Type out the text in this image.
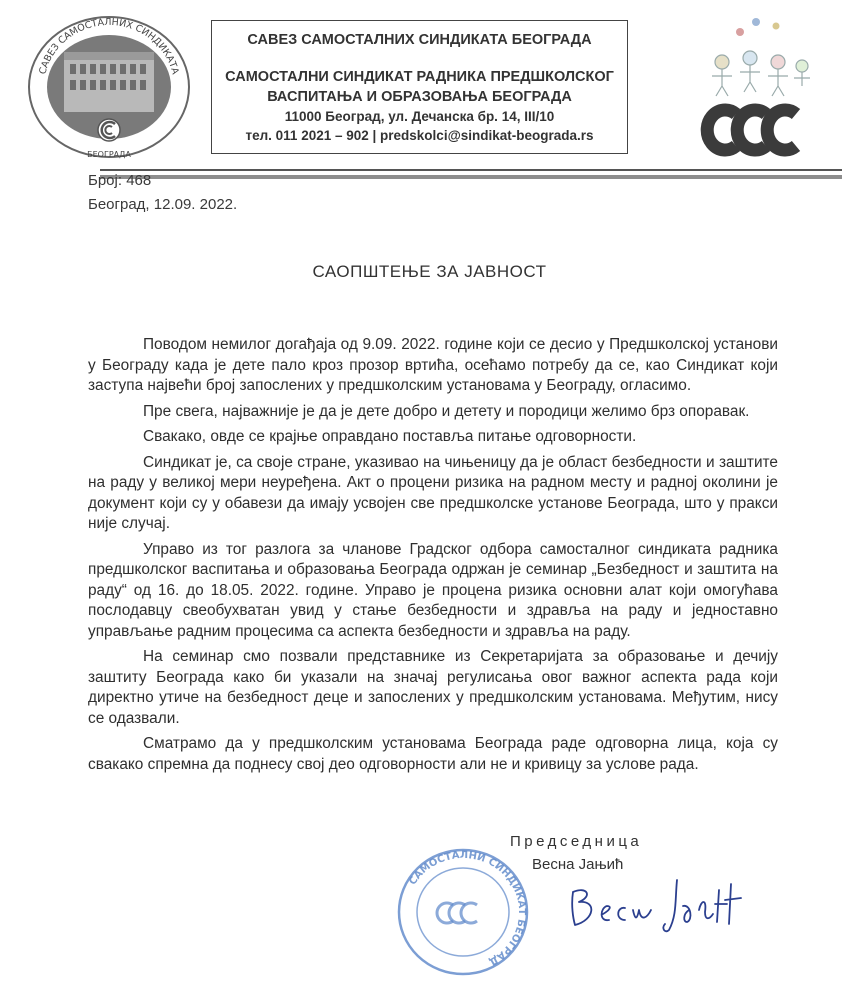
САВЕЗ САМОСТАЛНИХ СИНДИКАТА
БЕОГРАДА
САВЕЗ САМОСТАЛНИХ СИНДИКАТА БЕОГРАДА
САМОСТАЛНИ СИНДИКАТ РАДНИКА ПРЕДШКОЛСКОГ
ВАСПИТАЊА И ОБРАЗОВАЊА БЕОГРАДА
11000 Београд, ул. Дечанска бр. 14, III/10
тел. 011 2021 – 902 | predskolci@sindikat-beograda.rs
Број: 468
Београд, 12.09. 2022.
САОПШТЕЊЕ ЗА ЈАВНОСТ

Поводом немилог догађаја од 9.09. 2022. године који се десио у Предшколској установи у Београду када је дете пало кроз прозор вртића, осећамо потребу да се, као Синдикат који заступа највећи број запослених у предшколским установама у Београду, огласимо.

Пре свега, најважније је да је дете добро и детету и породици желимо брз опоравак.

Свакако, овде се крајње оправдано поставља питање одговорности.

Синдикат је, са своје стране, указивао на чињеницу да је област безбедности и заштите на раду у великој мери неуређена. Акт о процени ризика на радном месту и радној околини је документ који су у обавези да имају усвојен све предшколске установе Београда, што у пракси није случај.

Управо из тог разлога за чланове Градског одбора самосталног синдиката радника предшколског васпитања и образовања Београда одржан је семинар „Безбедност и заштита на раду“ од 16. до 18.05. 2022. године. Управо је процена ризика основни алат који омогућава послодавцу свеобухватан увид у стање безбедности и здравља на раду и једноставно управљање радним процесима са аспекта безбедности и здравља на раду.

На семинар смо позвали представнике из Секретаријата за образовање и дечију заштиту Београда како би указали на значај регулисања овог важног аспекта рада који директно утиче на безбедност деце и запослених у предшколским установама. Међутим, нису се одазвали.

Сматрамо да у предшколским установама Београда раде одговорна лица, која су свакако спремна да поднесу свој део одговорности али не и кривицу за услове рада.

САМОСТАЛНИ СИНДИКАТ БЕОГРАД
Председница
Весна Јањић
